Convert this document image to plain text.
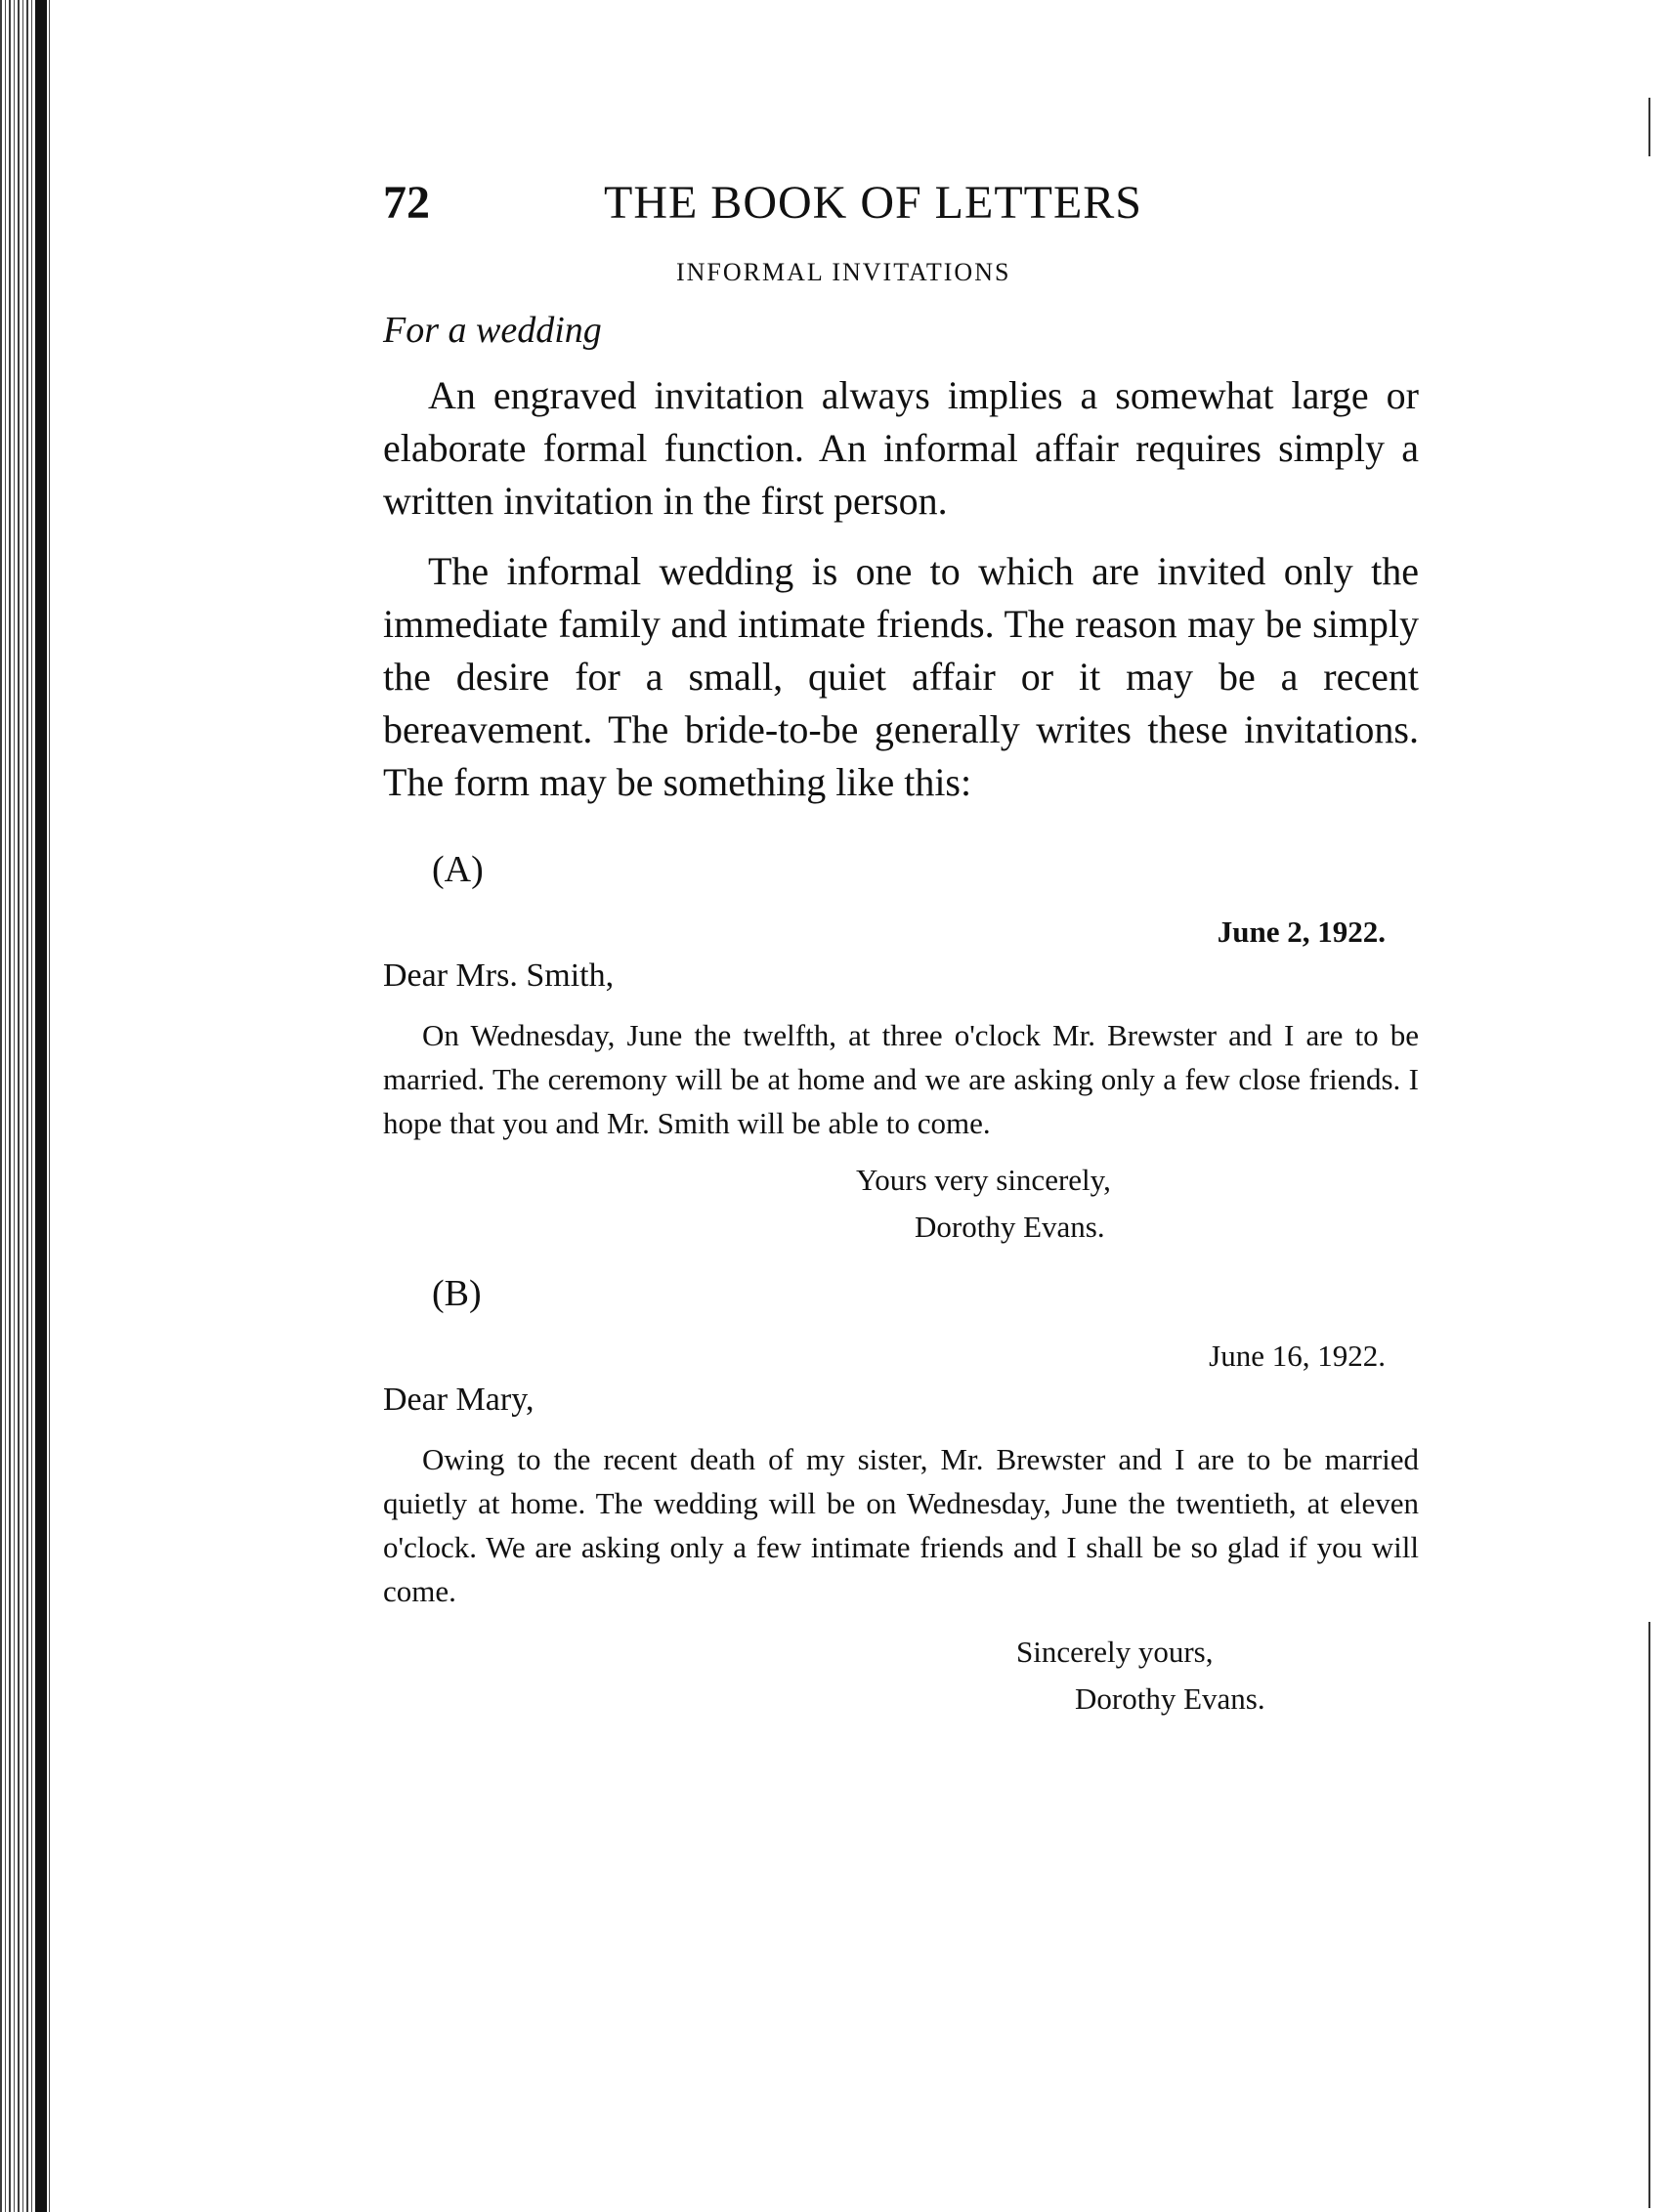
72	THE BOOK OF LETTERS
INFORMAL INVITATIONS
For a wedding

An engraved invitation always implies a somewhat large or elaborate formal function. An informal affair requires simply a written invitation in the first person.

The informal wedding is one to which are invited only the immediate family and intimate friends. The reason may be simply the desire for a small, quiet affair or it may be a recent bereavement. The bride-to-be generally writes these invitations. The form may be something like this:

(A)
June 2, 1922.
Dear Mrs. Smith,
On Wednesday, June the twelfth, at three o'clock Mr. Brewster and I are to be married. The ceremony will be at home and we are asking only a few close friends. I hope that you and Mr. Smith will be able to come.
Yours very sincerely,
Dorothy Evans.
(B)
June 16, 1922.
Dear Mary,
Owing to the recent death of my sister, Mr. Brewster and I are to be married quietly at home. The wedding will be on Wednesday, June the twentieth, at eleven o'clock. We are asking only a few intimate friends and I shall be so glad if you will come.
Sincerely yours,
Dorothy Evans.
